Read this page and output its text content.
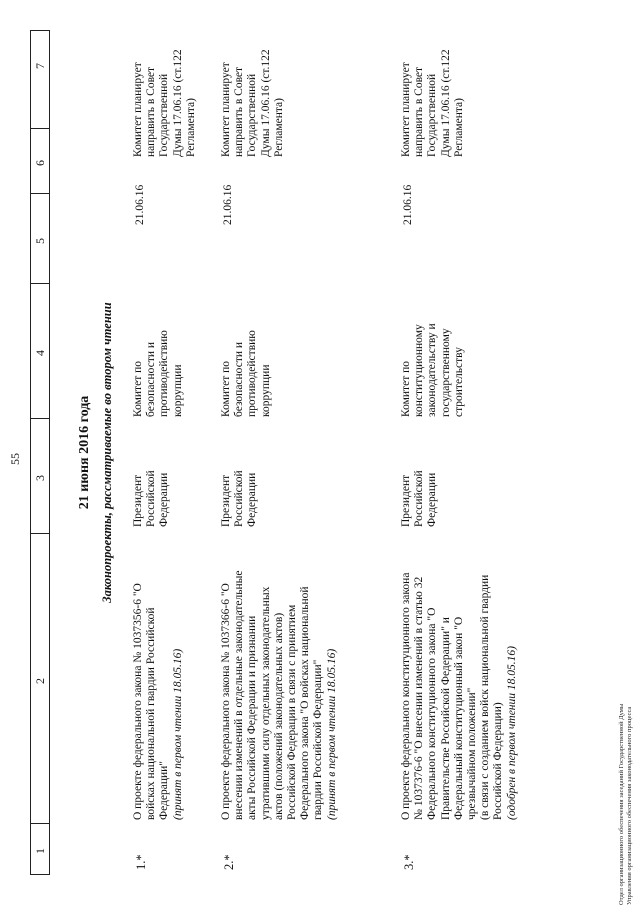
55
1
2
3
4
5
6
7
21 июня 2016 года Законопроекты, рассматриваемые во втором чтении
1.*
О проекте федерального закона № 1037356-6 "О войсках национальной гвардии Российской Федерации" (принят в первом чтении 18.05.16)
Президент Российской Федерации
Комитет по безопасности и противодействию коррупции
21.06.16
Комитет планирует направить в Совет Государственной Думы 17.06.16 (ст.122 Регламента)
2.*
О проекте федерального закона № 1037366-6 "О внесении изменений в отдельные законодательные акты Российской Федерации и признании утратившими силу отдельных законодательных актов (положений законодательных актов) Российской Федерации в связи с принятием Федерального закона "О войсках национальной гвардии Российской Федерации" (принят в первом чтении 18.05.16)
Президент Российской Федерации
Комитет по безопасности и противодействию коррупции
21.06.16
Комитет планирует направить в Совет Государственной Думы 17.06.16 (ст.122 Регламента)
3.*
О проекте федерального конституционного закона № 1037376-6 "О внесении изменений в статью 32 Федерального конституционного закона "О Правительстве Российской Федерации" и Федеральный конституционный закон "О чрезвычайном положении" (в связи с созданием войск национальной гвардии Российской Федерации) (одобрен в первом чтении 18.05.16)
Президент Российской Федерации
Комитет по конституционному законодательству и государственному строительству
21.06.16
Комитет планирует направить в Совет Государственной Думы 17.06.16 (ст.122 Регламента)
Отдел организационного обеспечения заседаний Государственной Думы Управления организационного обеспечения законодательного процесса
